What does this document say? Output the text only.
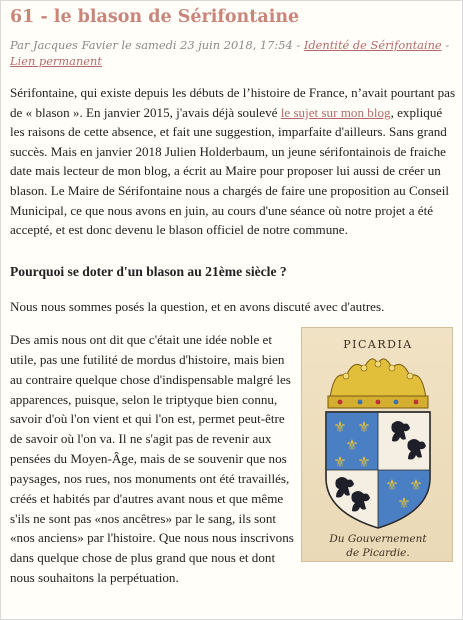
61 - le blason de Sérifontaine
Par Jacques Favier le samedi 23 juin 2018, 17:54 - Identité de Sérifontaine - Lien permanent

Sérifontaine, qui existe depuis les débuts de l’histoire de France, n’avait pourtant pas de « blason ». En janvier 2015, j'avais déjà soulevé le sujet sur mon blog, expliqué les raisons de cette absence, et fait une suggestion, imparfaite d'ailleurs. Sans grand succès. Mais en janvier 2018 Julien Holderbaum, un jeune sérifontainois de fraiche date mais lecteur de mon blog, a écrit au Maire pour proposer lui aussi de créer un blason. Le Maire de Sérifontaine nous a chargés de faire une proposition au Conseil Municipal, ce que nous avons en juin, au cours d'une séance où notre projet a été accepté, et est donc devenu le blason officiel de notre commune.

Pourquoi se doter d'un blason au 21ème siècle ?

Nous nous sommes posés la question, et en avons discuté avec d'autres.

Des amis nous ont dit que c'était une idée noble et utile, pas une futilité de mordus d'histoire, mais bien au contraire quelque chose d'indispensable malgré les apparences, puisque, selon le triptyque bien connu, savoir d'où l'on vient et qui l'on est, permet peut-être de savoir où l'on va. Il ne s'agit pas de revenir aux pensées du Moyen-Âge, mais de se souvenir que nos paysages, nos rues, nos monuments ont été travaillés, créés et habités par d'autres avant nous et que même s'ils ne sont pas «nos ancêtres» par le sang, ils sont «nos anciens» par l'histoire. Que nous nous inscrivons dans quelque chose de plus grand que nous et dont nous souhaitons la perpétuation.

PICARDIA
⚜ ⚜
⚜
⚜ ⚜
⚜ ⚜
⚜
Du Gouvernement
de Picardie.
